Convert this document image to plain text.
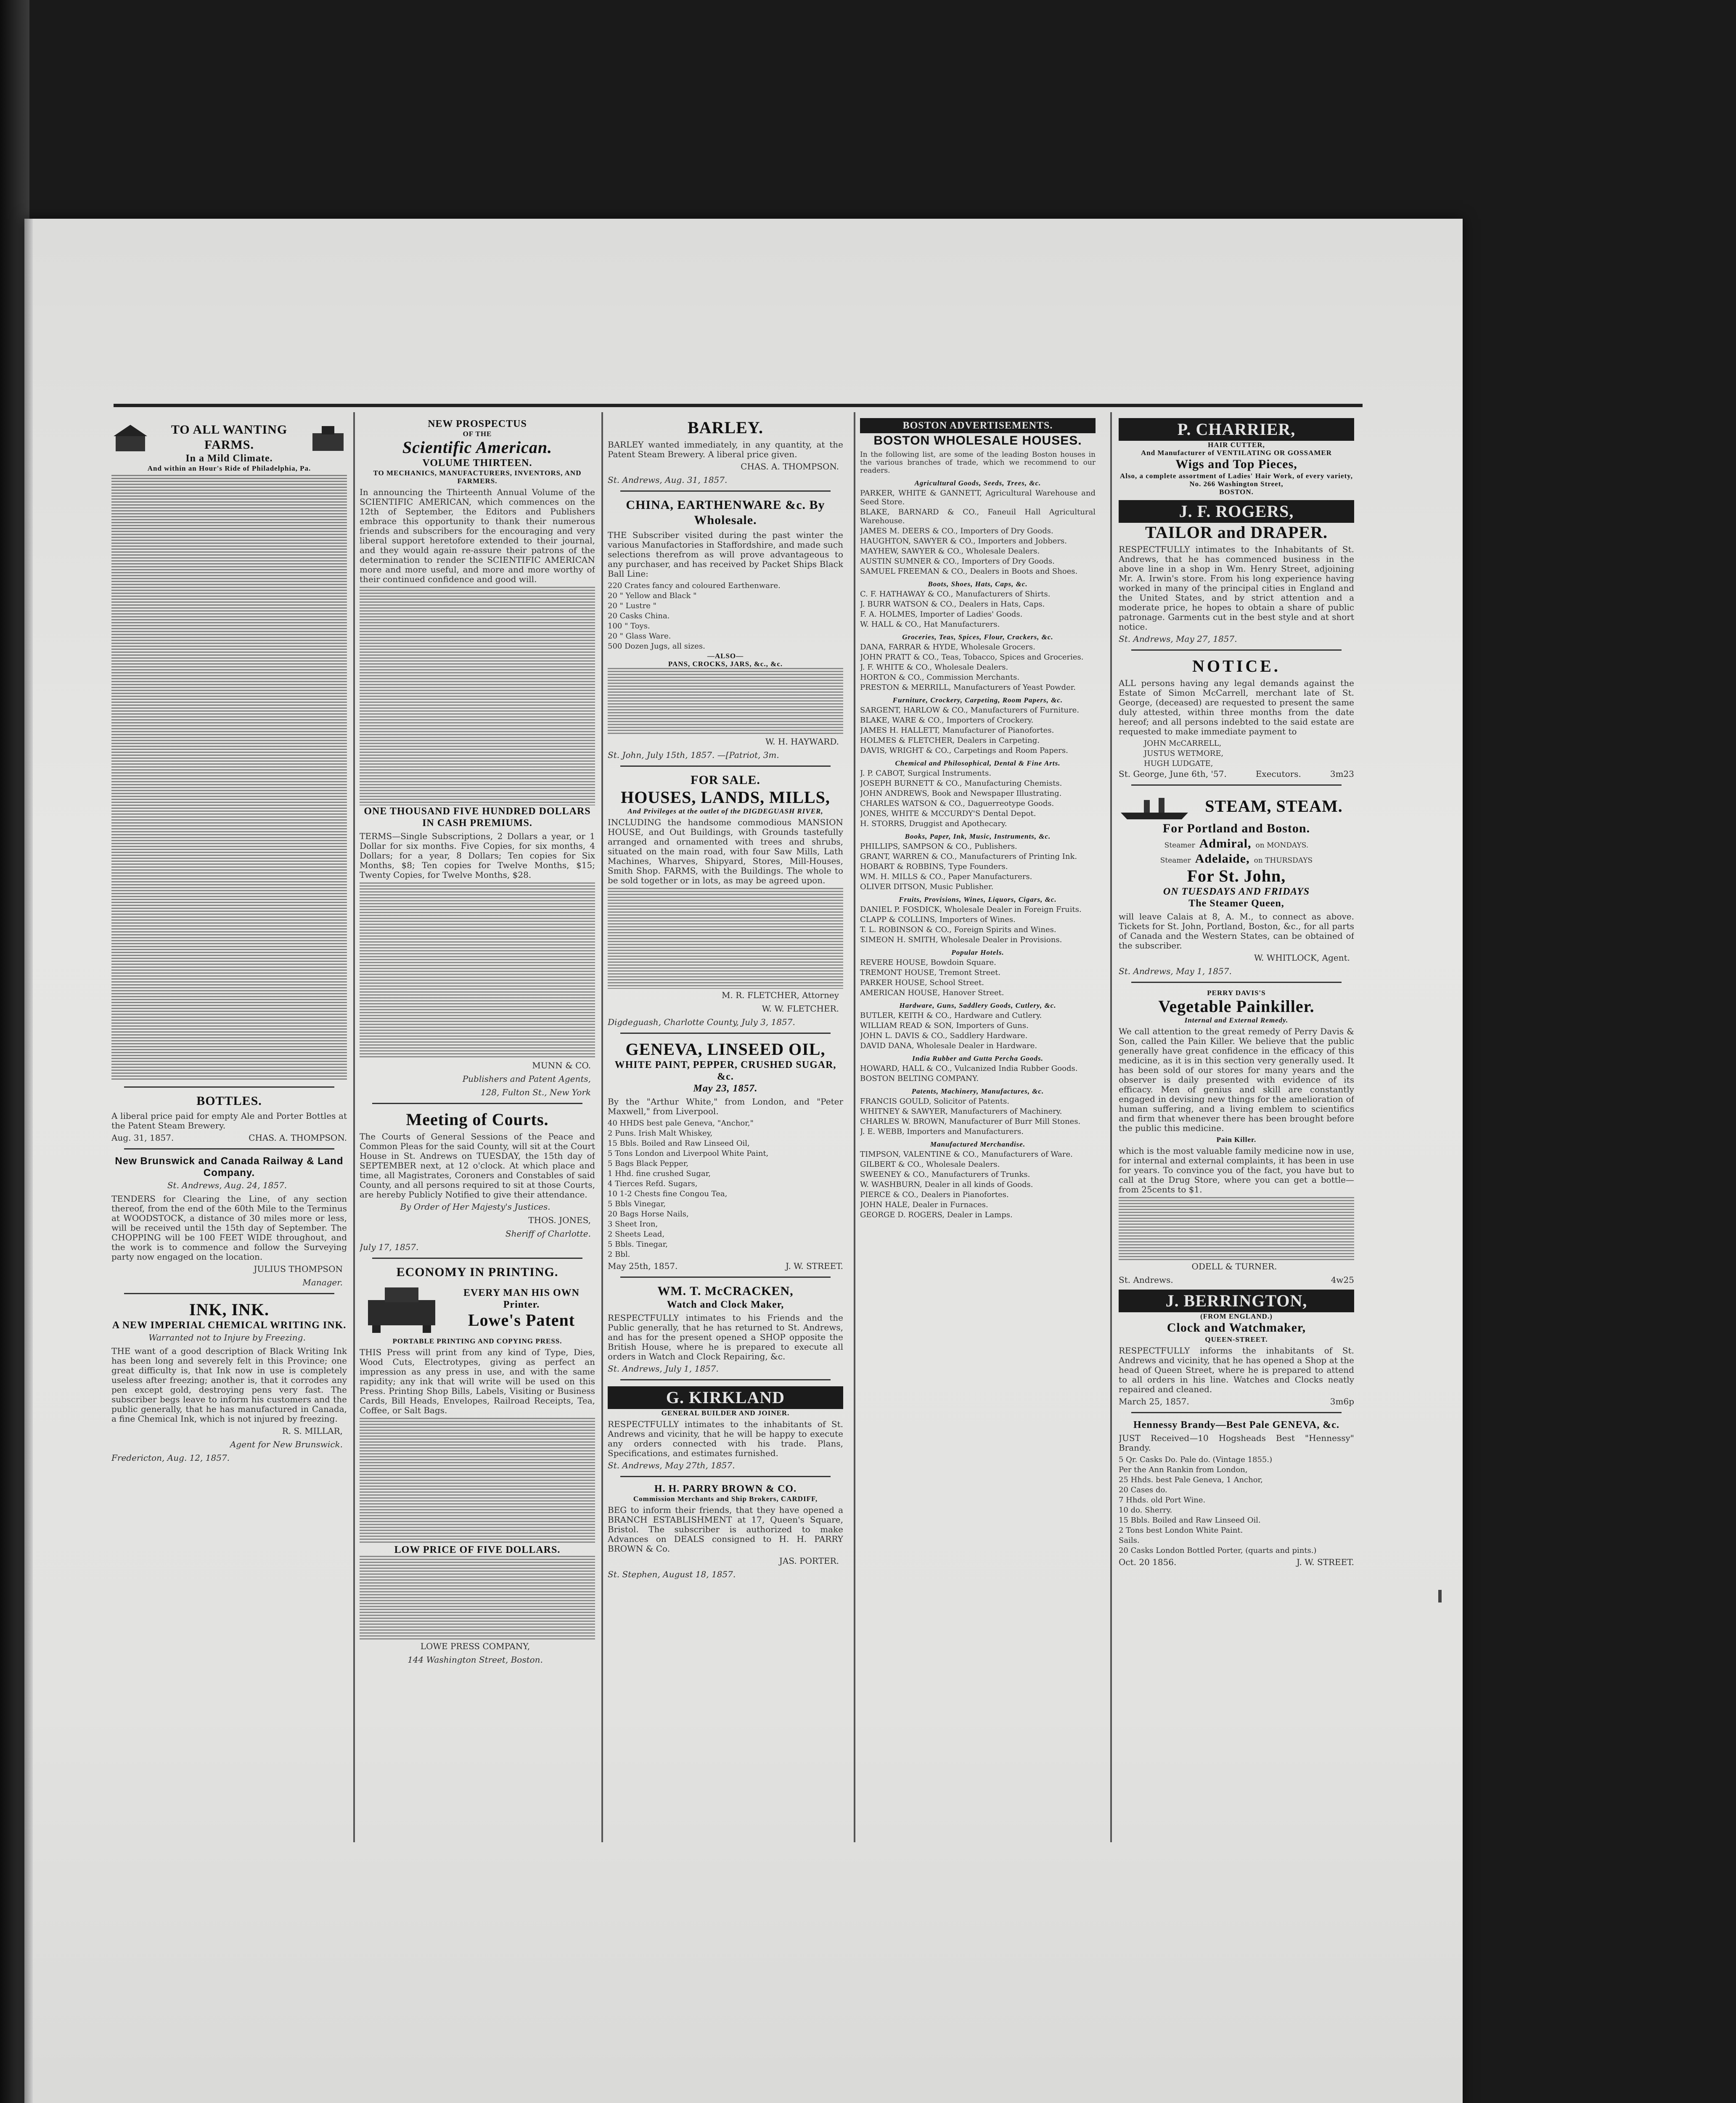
TO ALL WANTING FARMS.
In a Mild Climate.
And within an Hour's Ride of Philadelphia, Pa.
BOTTLES.
A liberal price paid for empty Ale and Porter Bottles at the Patent Steam Brewery.
Aug. 31, 1857.	CHAS. A. THOMPSON.
New Brunswick and Canada Railway & Land Company.
St. Andrews, Aug. 24, 1857.
TENDERS for Clearing the Line, of any section thereof, from the end of the 60th Mile to the Terminus at WOODSTOCK, a distance of 30 miles more or less, will be received until the 15th day of September. The CHOPPING will be 100 FEET WIDE throughout, and the work is to commence and follow the Surveying party now engaged on the location.
JULIUS THOMPSON
Manager.
INK, INK.
A NEW IMPERIAL CHEMICAL WRITING INK.
Warranted not to Injure by Freezing.
THE want of a good description of Black Writing Ink has been long and severely felt in this Province; one great difficulty is, that Ink now in use is completely useless after freezing; another is, that it corrodes any pen except gold, destroying pens very fast. The subscriber begs leave to inform his customers and the public generally, that he has manufactured in Canada, a fine Chemical Ink, which is not injured by freezing.
R. S. MILLAR,
Agent for New Brunswick.
Fredericton, Aug. 12, 1857.
NEW PROSPECTUS
OF THE
Scientific American.
VOLUME THIRTEEN.
TO MECHANICS, MANUFACTURERS, INVENTORS, AND FARMERS.
In announcing the Thirteenth Annual Volume of the SCIENTIFIC AMERICAN, which commences on the 12th of September, the Editors and Publishers embrace this opportunity to thank their numerous friends and subscribers for the encouraging and very liberal support heretofore extended to their journal, and they would again re-assure their patrons of the determination to render the SCIENTIFIC AMERICAN more and more useful, and more and more worthy of their continued confidence and good will.
ONE THOUSAND FIVE HUNDRED DOLLARS IN CASH PREMIUMS.
TERMS—Single Subscriptions, 2 Dollars a year, or 1 Dollar for six months. Five Copies, for six months, 4 Dollars; for a year, 8 Dollars; Ten copies for Six Months, $8; Ten copies for Twelve Months, $15; Twenty Copies, for Twelve Months, $28.
MUNN & CO.
Publishers and Patent Agents,
128, Fulton St., New York
Meeting of Courts.
The Courts of General Sessions of the Peace and Common Pleas for the said County, will sit at the Court House in St. Andrews on TUESDAY, the 15th day of SEPTEMBER next, at 12 o'clock. At which place and time, all Magistrates, Coroners and Constables of said County, and all persons required to sit at those Courts, are hereby Publicly Notified to give their attendance.
By Order of Her Majesty's Justices.
THOS. JONES,
Sheriff of Charlotte.
July 17, 1857.
ECONOMY IN PRINTING.
EVERY MAN HIS OWN Printer.
Lowe's Patent
PORTABLE PRINTING AND COPYING PRESS.
THIS Press will print from any kind of Type, Dies, Wood Cuts, Electrotypes, giving as perfect an impression as any press in use, and with the same rapidity; any ink that will write will be used on this Press. Printing Shop Bills, Labels, Visiting or Business Cards, Bill Heads, Envelopes, Railroad Receipts, Tea, Coffee, or Salt Bags.
LOW PRICE OF FIVE DOLLARS.
LOWE PRESS COMPANY,
144 Washington Street, Boston.
BARLEY.
BARLEY wanted immediately, in any quantity, at the Patent Steam Brewery. A liberal price given.
CHAS. A. THOMPSON.
St. Andrews, Aug. 31, 1857.
CHINA, EARTHENWARE &c. By Wholesale.
THE Subscriber visited during the past winter the various Manufactories in Staffordshire, and made such selections therefrom as will prove advantageous to any purchaser, and has received by Packet Ships Black Ball Line:
220 Crates fancy and coloured Earthenware.
20 " Yellow and Black "
20 " Lustre "
20 Casks China.
100 " Toys.
20 " Glass Ware.
500 Dozen Jugs, all sizes.
—ALSO—
PANS, CROCKS, JARS, &c., &c.
W. H. HAYWARD.
St. John, July 15th, 1857. —[Patriot, 3m.
FOR SALE.
HOUSES, LANDS, MILLS,
And Privileges at the outlet of the DIGDEGUASH RIVER,
INCLUDING the handsome commodious MANSION HOUSE, and Out Buildings, with Grounds tastefully arranged and ornamented with trees and shrubs, situated on the main road, with four Saw Mills, Lath Machines, Wharves, Shipyard, Stores, Mill-Houses, Smith Shop. FARMS, with the Buildings. The whole to be sold together or in lots, as may be agreed upon.
M. R. FLETCHER, Attorney
W. W. FLETCHER.
Digdeguash, Charlotte County, July 3, 1857.
GENEVA, LINSEED OIL,
WHITE PAINT, PEPPER, CRUSHED SUGAR, &c.
May 23, 1857.
By the "Arthur White," from London, and "Peter Maxwell," from Liverpool.
40 HHDS best pale Geneva, "Anchor,"
2 Puns. Irish Malt Whiskey,
15 Bbls. Boiled and Raw Linseed Oil,
5 Tons London and Liverpool White Paint,
5 Bags Black Pepper,
1 Hhd. fine crushed Sugar,
4 Tierces Refd. Sugars,
10 1-2 Chests fine Congou Tea,
5 Bbls Vinegar,
20 Bags Horse Nails,
3 Sheet Iron,
2 Sheets Lead,
5 Bbls. Tinegar,
2 Bbl.
May 25th, 1857.	J. W. STREET.
WM. T. McCRACKEN,
Watch and Clock Maker,
RESPECTFULLY intimates to his Friends and the Public generally, that he has returned to St. Andrews, and has for the present opened a SHOP opposite the British House, where he is prepared to execute all orders in Watch and Clock Repairing, &c.
St. Andrews, July 1, 1857.
G. KIRKLAND
GENERAL BUILDER AND JOINER.
RESPECTFULLY intimates to the inhabitants of St. Andrews and vicinity, that he will be happy to execute any orders connected with his trade. Plans, Specifications, and estimates furnished.
St. Andrews, May 27th, 1857.
H. H. PARRY BROWN & CO.
Commission Merchants and Ship Brokers, CARDIFF,
BEG to inform their friends, that they have opened a BRANCH ESTABLISHMENT at 17, Queen's Square, Bristol. The subscriber is authorized to make Advances on DEALS consigned to H. H. PARRY BROWN & Co.
JAS. PORTER.
St. Stephen, August 18, 1857.
BOSTON ADVERTISEMENTS.
BOSTON WHOLESALE HOUSES.
In the following list, are some of the leading Boston houses in the various branches of trade, which we recommend to our readers.
Agricultural Goods, Seeds, Trees, &c.
PARKER, WHITE & GANNETT, Agricultural Warehouse and Seed Store.
BLAKE, BARNARD & CO., Faneuil Hall Agricultural Warehouse.
JAMES M. DEERS & CO., Importers of Dry Goods.
HAUGHTON, SAWYER & CO., Importers and Jobbers.
MAYHEW, SAWYER & CO., Wholesale Dealers.
AUSTIN SUMNER & CO., Importers of Dry Goods.
SAMUEL FREEMAN & CO., Dealers in Boots and Shoes.
Boots, Shoes, Hats, Caps, &c.
C. F. HATHAWAY & CO., Manufacturers of Shirts.
J. BURR WATSON & CO., Dealers in Hats, Caps.
F. A. HOLMES, Importer of Ladies' Goods.
W. HALL & CO., Hat Manufacturers.
Groceries, Teas, Spices, Flour, Crackers, &c.
DANA, FARRAR & HYDE, Wholesale Grocers.
JOHN PRATT & CO., Teas, Tobacco, Spices and Groceries.
J. F. WHITE & CO., Wholesale Dealers.
HORTON & CO., Commission Merchants.
PRESTON & MERRILL, Manufacturers of Yeast Powder.
Furniture, Crockery, Carpeting, Room Papers, &c.
SARGENT, HARLOW & CO., Manufacturers of Furniture.
BLAKE, WARE & CO., Importers of Crockery.
JAMES H. HALLETT, Manufacturer of Pianofortes.
HOLMES & FLETCHER, Dealers in Carpeting.
DAVIS, WRIGHT & CO., Carpetings and Room Papers.
Chemical and Philosophical, Dental & Fine Arts.
J. P. CABOT, Surgical Instruments.
JOSEPH BURNETT & CO., Manufacturing Chemists.
JOHN ANDREWS, Book and Newspaper Illustrating.
CHARLES WATSON & CO., Daguerreotype Goods.
JONES, WHITE & MCCURDY'S Dental Depot.
H. STORRS, Druggist and Apothecary.
Books, Paper, Ink, Music, Instruments, &c.
PHILLIPS, SAMPSON & CO., Publishers.
GRANT, WARREN & CO., Manufacturers of Printing Ink.
HOBART & ROBBINS, Type Founders.
WM. H. MILLS & CO., Paper Manufacturers.
OLIVER DITSON, Music Publisher.
Fruits, Provisions, Wines, Liquors, Cigars, &c.
DANIEL P. FOSDICK, Wholesale Dealer in Foreign Fruits.
CLAPP & COLLINS, Importers of Wines.
T. L. ROBINSON & CO., Foreign Spirits and Wines.
SIMEON H. SMITH, Wholesale Dealer in Provisions.
Popular Hotels.
REVERE HOUSE, Bowdoin Square.
TREMONT HOUSE, Tremont Street.
PARKER HOUSE, School Street.
AMERICAN HOUSE, Hanover Street.
Hardware, Guns, Saddlery Goods, Cutlery, &c.
BUTLER, KEITH & CO., Hardware and Cutlery.
WILLIAM READ & SON, Importers of Guns.
JOHN L. DAVIS & CO., Saddlery Hardware.
DAVID DANA, Wholesale Dealer in Hardware.
India Rubber and Gutta Percha Goods.
HOWARD, HALL & CO., Vulcanized India Rubber Goods.
BOSTON BELTING COMPANY.
Patents, Machinery, Manufactures, &c.
FRANCIS GOULD, Solicitor of Patents.
WHITNEY & SAWYER, Manufacturers of Machinery.
CHARLES W. BROWN, Manufacturer of Burr Mill Stones.
J. E. WEBB, Importers and Manufacturers.
Manufactured Merchandise.
TIMPSON, VALENTINE & CO., Manufacturers of Ware.
GILBERT & CO., Wholesale Dealers.
SWEENEY & CO., Manufacturers of Trunks.
W. WASHBURN, Dealer in all kinds of Goods.
PIERCE & CO., Dealers in Pianofortes.
JOHN HALE, Dealer in Furnaces.
GEORGE D. ROGERS, Dealer in Lamps.
P. CHARRIER,
HAIR CUTTER,
And Manufacturer of VENTILATING OR GOSSAMER
Wigs and Top Pieces,
Also, a complete assortment of Ladies' Hair Work, of every variety,
No. 266 Washington Street,
BOSTON.
J. F. ROGERS,
TAILOR and DRAPER.
RESPECTFULLY intimates to the Inhabitants of St. Andrews, that he has commenced business in the above line in a shop in Wm. Henry Street, adjoining Mr. A. Irwin's store. From his long experience having worked in many of the principal cities in England and the United States, and by strict attention and a moderate price, he hopes to obtain a share of public patronage. Garments cut in the best style and at short notice.
St. Andrews, May 27, 1857.
NOTICE.
ALL persons having any legal demands against the Estate of Simon McCarrell, merchant late of St. George, (deceased) are requested to present the same duly attested, within three months from the date hereof; and all persons indebted to the said estate are requested to make immediate payment to
JOHN McCARRELL,
JUSTUS WETMORE,
HUGH LUDGATE,
St. George, June 6th, '57.	Executors.	3m23
STEAM, STEAM.
For Portland and Boston.
Steamer Admiral, on MONDAYS.
Steamer Adelaide, on THURSDAYS
For St. John,
ON TUESDAYS AND FRIDAYS
The Steamer Queen,
will leave Calais at 8, A. M., to connect as above. Tickets for St. John, Portland, Boston, &c., for all parts of Canada and the Western States, can be obtained of the subscriber.
W. WHITLOCK, Agent.
St. Andrews, May 1, 1857.
PERRY DAVIS'S
Vegetable Painkiller.
Internal and External Remedy.
We call attention to the great remedy of Perry Davis & Son, called the Pain Killer. We believe that the public generally have great confidence in the efficacy of this medicine, as it is in this section very generally used. It has been sold of our stores for many years and the observer is daily presented with evidence of its efficacy. Men of genius and skill are constantly engaged in devising new things for the amelioration of human suffering, and a living emblem to scientifics and firm that whenever there has been brought before the public this medicine.
Pain Killer.
which is the most valuable family medicine now in use, for internal and external complaints, it has been in use for years. To convince you of the fact, you have but to call at the Drug Store, where you can get a bottle—from 25cents to $1.
ODELL & TURNER.
St. Andrews.	4w25
J. BERRINGTON,
(FROM ENGLAND.)
Clock and Watchmaker,
QUEEN-STREET.
RESPECTFULLY informs the inhabitants of St. Andrews and vicinity, that he has opened a Shop at the head of Queen Street, where he is prepared to attend to all orders in his line. Watches and Clocks neatly repaired and cleaned.
March 25, 1857.	3m6p
Hennessy Brandy—Best Pale GENEVA, &c.
JUST Received—10 Hogsheads Best "Hennessy" Brandy.
5 Qr. Casks Do. Pale do. (Vintage 1855.)
Per the Ann Rankin from London,
25 Hhds. best Pale Geneva, 1 Anchor,
20 Cases do.
7 Hhds. old Port Wine.
10 do. Sherry.
15 Bbls. Boiled and Raw Linseed Oil.
2 Tons best London White Paint.
Sails.
20 Casks London Bottled Porter, (quarts and pints.)
Oct. 20 1856.	J. W. STREET.
